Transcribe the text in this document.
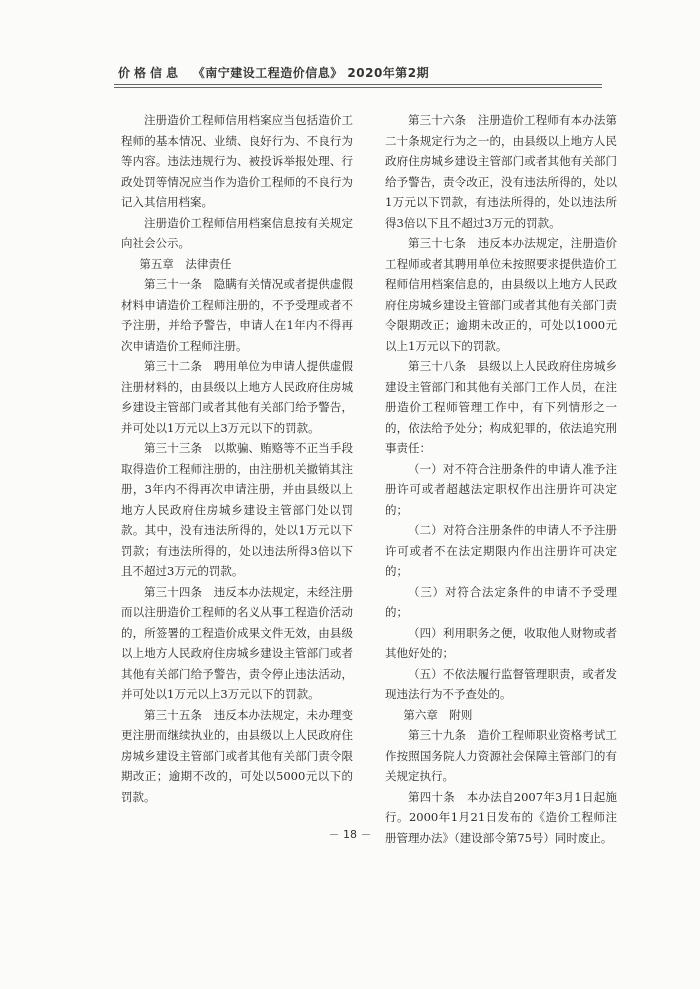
价格信息 《南宁建设工程造价信息》 2020年第2期

注册造价工程师信用档案应当包括造价工程师的基本情况、业绩、良好行为、不良行为等内容。违法违规行为、被投诉举报处理、行政处罚等情况应当作为造价工程师的不良行为记入其信用档案。

注册造价工程师信用档案信息按有关规定向社会公示。

第五章　法律责任

第三十一条　隐瞒有关情况或者提供虚假材料申请造价工程师注册的，不予受理或者不予注册，并给予警告，申请人在1年内不得再次申请造价工程师注册。

第三十二条　聘用单位为申请人提供虚假注册材料的，由县级以上地方人民政府住房城乡建设主管部门或者其他有关部门给予警告，并可处以1万元以上3万元以下的罚款。

第三十三条　以欺骗、贿赂等不正当手段取得造价工程师注册的，由注册机关撤销其注册，3年内不得再次申请注册，并由县级以上地方人民政府住房城乡建设主管部门处以罚款。其中，没有违法所得的，处以1万元以下罚款；有违法所得的，处以违法所得3倍以下且不超过3万元的罚款。

第三十四条　违反本办法规定，未经注册而以注册造价工程师的名义从事工程造价活动的，所签署的工程造价成果文件无效，由县级以上地方人民政府住房城乡建设主管部门或者其他有关部门给予警告，责令停止违法活动，并可处以1万元以上3万元以下的罚款。

第三十五条　违反本办法规定，未办理变更注册而继续执业的，由县级以上人民政府住房城乡建设主管部门或者其他有关部门责令限期改正；逾期不改的，可处以5000元以下的罚款。

第三十六条　注册造价工程师有本办法第二十条规定行为之一的，由县级以上地方人民政府住房城乡建设主管部门或者其他有关部门给予警告，责令改正，没有违法所得的，处以1万元以下罚款，有违法所得的，处以违法所得3倍以下且不超过3万元的罚款。

第三十七条　违反本办法规定，注册造价工程师或者其聘用单位未按照要求提供造价工程师信用档案信息的，由县级以上地方人民政府住房城乡建设主管部门或者其他有关部门责令限期改正；逾期未改正的，可处以1000元以上1万元以下的罚款。

第三十八条　县级以上人民政府住房城乡建设主管部门和其他有关部门工作人员，在注册造价工程师管理工作中，有下列情形之一的，依法给予处分；构成犯罪的，依法追究刑事责任：

（一）对不符合注册条件的申请人准予注册许可或者超越法定职权作出注册许可决定的；

（二）对符合注册条件的申请人不予注册许可或者不在法定期限内作出注册许可决定的；

（三）对符合法定条件的申请不予受理的；

（四）利用职务之便，收取他人财物或者其他好处的；

（五）不依法履行监督管理职责，或者发现违法行为不予查处的。

第六章　附则

第三十九条　造价工程师职业资格考试工作按照国务院人力资源社会保障主管部门的有关规定执行。

第四十条　本办法自2007年3月1日起施行。2000年1月21日发布的《造价工程师注册管理办法》（建设部令第75号）同时废止。

－ 18 －
